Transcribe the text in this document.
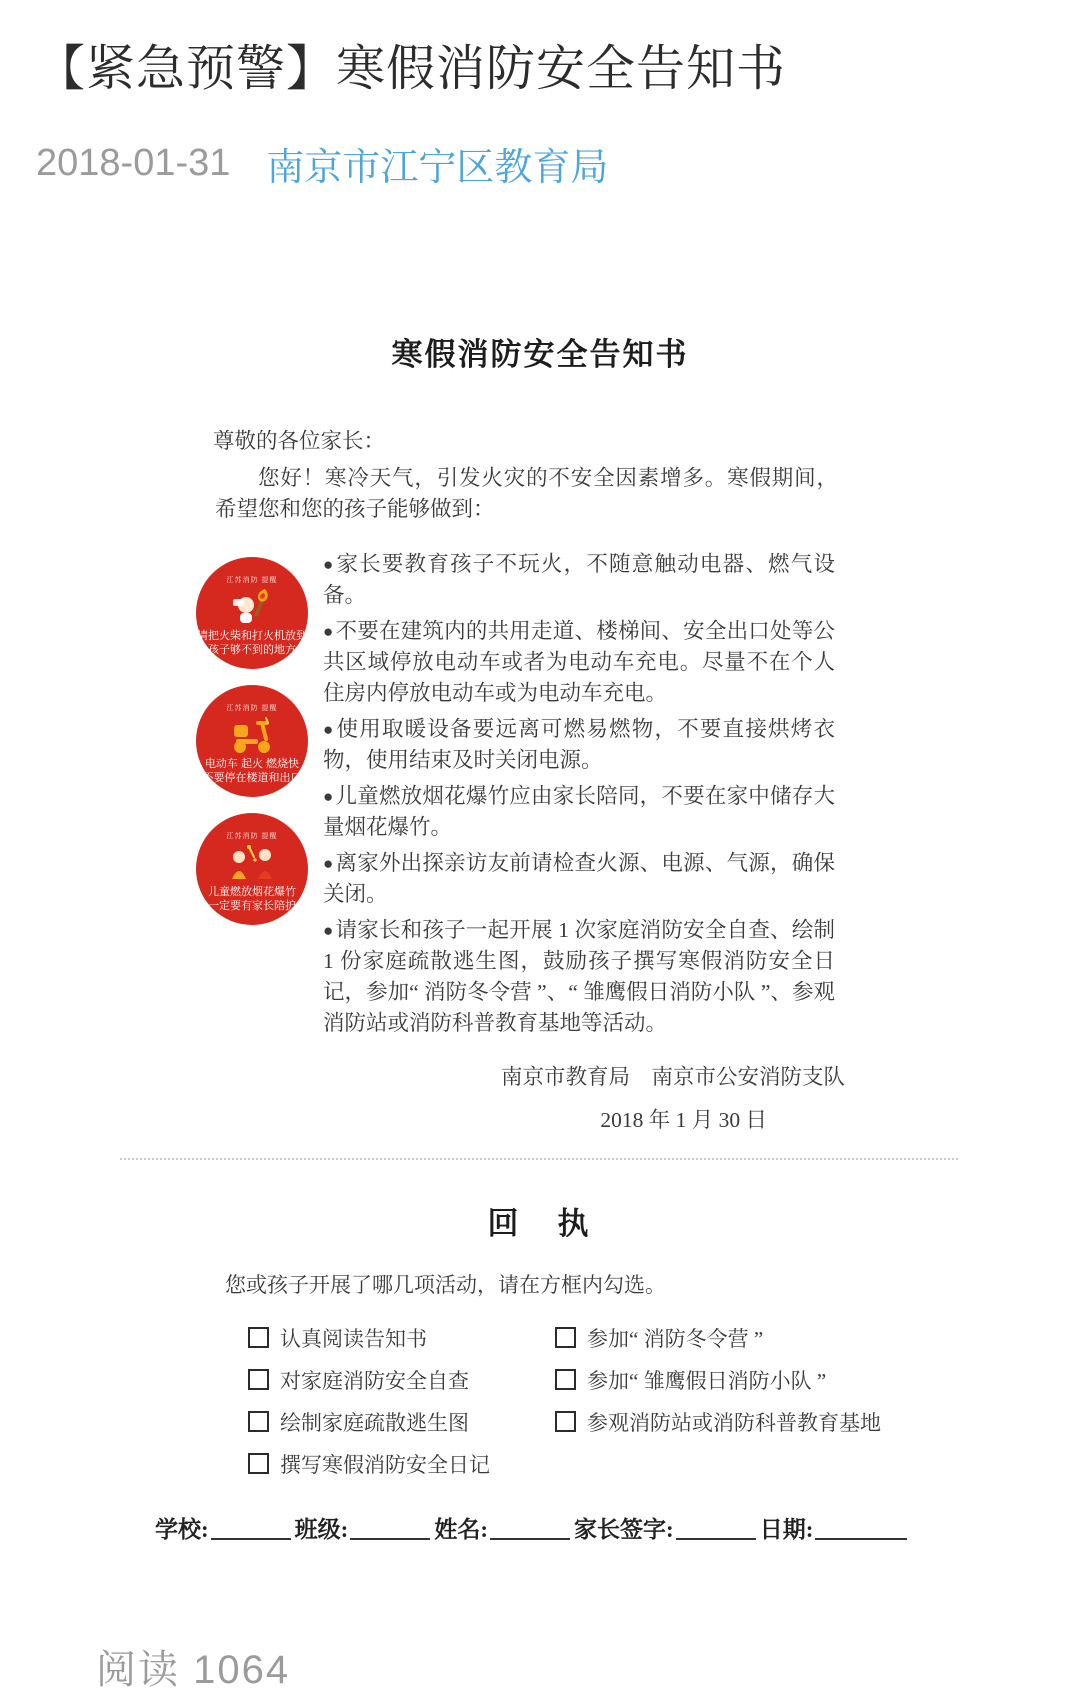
【紧急预警】寒假消防安全告知书
2018-01-31 南京市江宁区教育局
寒假消防安全告知书
尊敬的各位家长：
您好！寒冷天气，引发火灾的不安全因素增多。寒假期间，希望您和您的孩子能够做到：
江苏消防 提醒
请把火柴和打火机放到
孩子够不到的地方
江苏消防 提醒
电动车 起火 燃烧快
不要停在楼道和出口
江苏消防 提醒
儿童燃放烟花爆竹
一定要有家长陪护

●家长要教育孩子不玩火，不随意触动电器、燃气设备。

●不要在建筑内的共用走道、楼梯间、安全出口处等公共区域停放电动车或者为电动车充电。尽量不在个人住房内停放电动车或为电动车充电。

●使用取暖设备要远离可燃易燃物，不要直接烘烤衣物，使用结束及时关闭电源。

●儿童燃放烟花爆竹应由家长陪同，不要在家中储存大量烟花爆竹。

●离家外出探亲访友前请检查火源、电源、气源，确保关闭。

●请家长和孩子一起开展 1 次家庭消防安全自查、绘制 1 份家庭疏散逃生图，鼓励孩子撰写寒假消防安全日记，参加“ 消防冬令营 ”、“ 雏鹰假日消防小队 ”、参观消防站或消防科普教育基地等活动。

南京市教育局　南京市公安消防支队
2018 年 1 月 30 日
回　执
您或孩子开展了哪几项活动，请在方框内勾选。
认真阅读告知书	参加“ 消防冬令营 ”
对家庭消防安全自查	参加“ 雏鹰假日消防小队 ”
绘制家庭疏散逃生图	参观消防站或消防科普教育基地
撰写寒假消防安全日记
学校:	班级:	姓名:	家长签字:	日期:
阅读 1064
